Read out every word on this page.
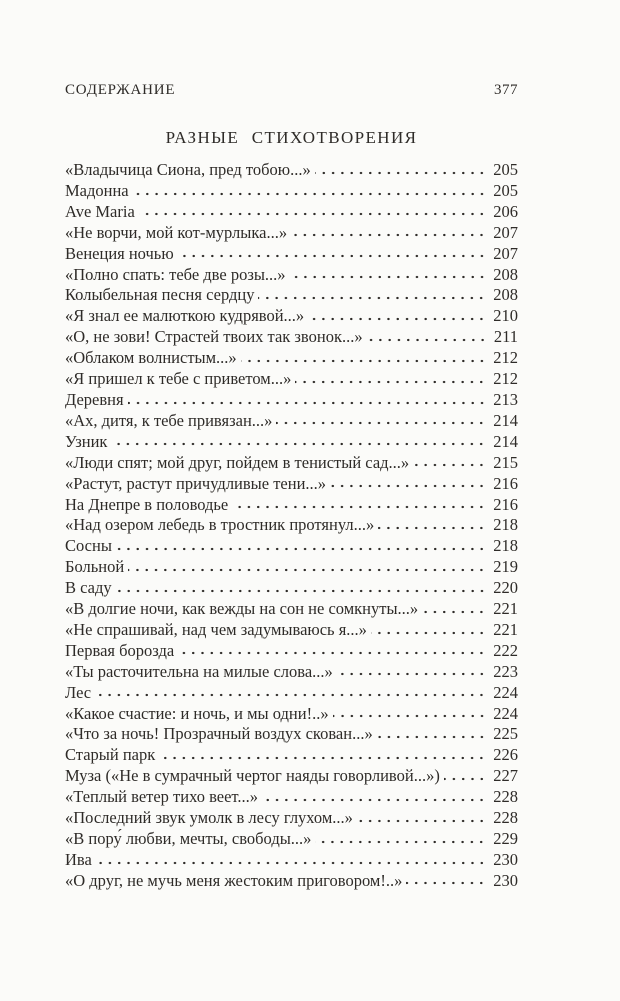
СОДЕРЖАНИЕ	377
РАЗНЫЕ СТИХОТВОРЕНИЯ
«Владычица Сиона, пред тобою...»	205
Мадонна	205
Ave Maria	206
«Не ворчи, мой кот-мурлыка...»	207
Венеция ночью	207
«Полно спать: тебе две розы...»	208
Колыбельная песня сердцу	208
«Я знал ее малюткою кудрявой...»	210
«О, не зови! Страстей твоих так звонок...»	211
«Облаком волнистым...»	212
«Я пришел к тебе с приветом...»	212
Деревня	213
«Ах, дитя, к тебе привязан...»	214
Узник	214
«Люди спят; мой друг, пойдем в тенистый сад...»	215
«Растут, растут причудливые тени...»	216
На Днепре в половодье	216
«Над озером лебедь в тростник протянул...»	218
Сосны	218
Больной	219
В саду	220
«В долгие ночи, как вежды на сон не сомкнуты...»	221
«Не спрашивай, над чем задумываюсь я...»	221
Первая борозда	222
«Ты расточительна на милые слова...»	223
Лес	224
«Какое счастие: и ночь, и мы одни!..»	224
«Что за ночь! Прозрачный воздух скован...»	225
Старый парк	226
Муза («Не в сумрачный чертог наяды говорливой...»)	227
«Теплый ветер тихо веет...»	228
«Последний звук умолк в лесу глухом...»	228
«В пору́ любви, мечты, свободы...»	229
Ива	230
«О друг, не мучь меня жестоким приговором!..»	230
